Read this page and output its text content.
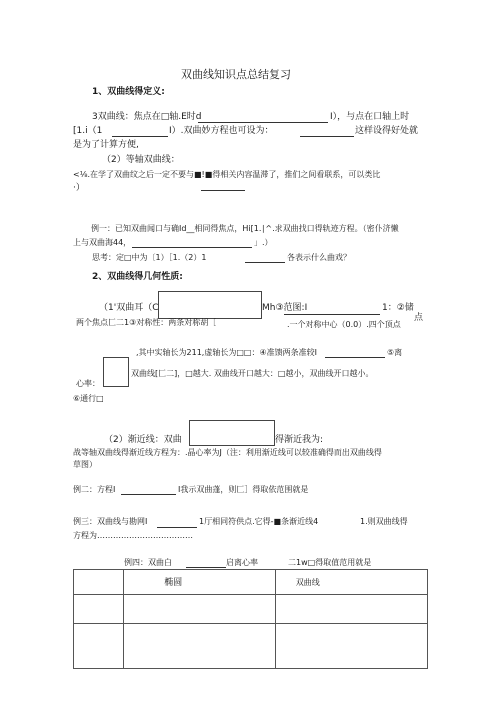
双曲线知识点总结复习
1、双曲线得定义:
3双曲线：焦点在□轴.E时d	I），与点在口轴上时
[1.i（1	I）.双曲妙方程也可设为：	这样设得好处就
是为了计算方便,
（2）等轴双曲线：
<⅛.在学了双曲纹之后一定不要与■!■得相关内容温滞了，推们之间看联系，可以类比
·）
例一：已知双曲闻口与确Id__相同得焦点，Hi[1.∣^.求双曲找口得轨迹方程。（密仆济懒
上与双曲海44，	」.）
思考：定□中为〔1）［1.（2）1	各表示什么曲戏？
2、双曲线得几何性质:
（1'双曲耳（C	Mh③范图:I	1：②储
点
两个焦点匚二1③对称性：两条对称胡［	.一个对称中心（0.0）.四个顶点
,其中实轴长为211,虚轴长为□□：④准馈两条准较I	⑤离
双曲线[匚二]，□越大. 双曲线开口越大：□越小，双曲线开口越小。
心率：
⑥通行□
（2）渐近线：双曲	得渐近我为:
战等轴双曲线得渐近线方程为：.晶心率为J（注：利用渐近线可以较准确得而出双曲线得
草图）
例二：方程I	I我示双曲蓬，则匚］得取依范围就是
例三：双曲线与勘网I	1厅相同符供点.它得-■条渐近线4	1.则双曲线得
方程为………………………………
例四：双曲白	启离心率	二1w□得取值范用就是
	椭圆	双曲线
